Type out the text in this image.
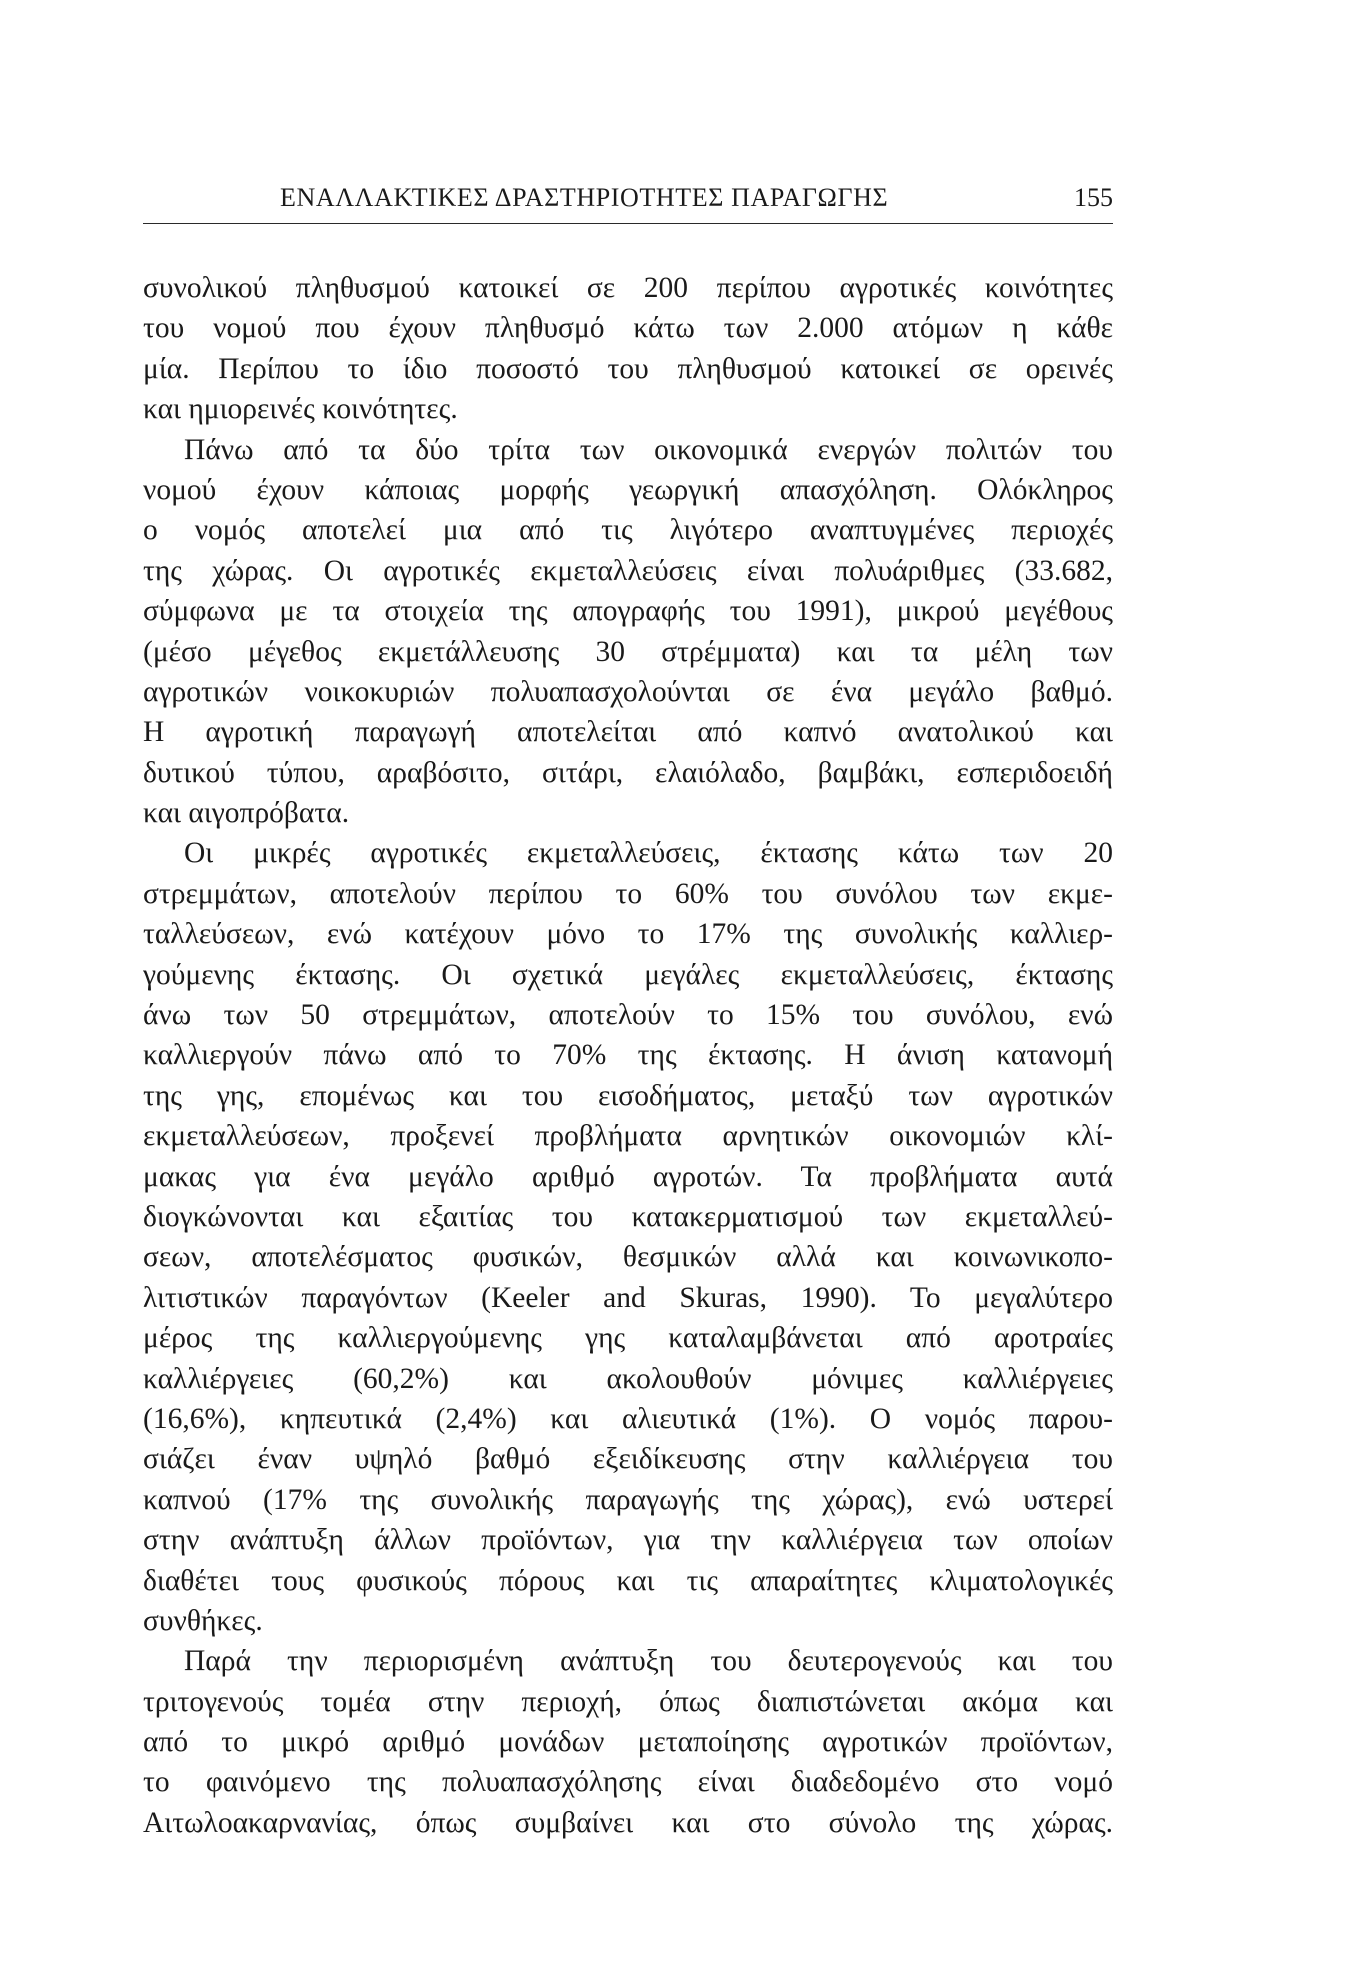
ΕΝΑΛΛΑΚΤΙΚΕΣ ΔΡΑΣΤΗΡΙΟΤΗΤΕΣ ΠΑΡΑΓΩΓΗΣ	155
συνολικού πληθυσμού κατοικεί σε 200 περίπου αγροτικές κοινότητες
του νομού που έχουν πληθυσμό κάτω των 2.000 ατόμων η κάθε
μία. Περίπου το ίδιο ποσοστό του πληθυσμού κατοικεί σε ορεινές
και ημιορεινές κοινότητες.
Πάνω από τα δύο τρίτα των οικονομικά ενεργών πολιτών του
νομού έχουν κάποιας μορφής γεωργική απασχόληση. Ολόκληρος
ο νομός αποτελεί μια από τις λιγότερο αναπτυγμένες περιοχές
της χώρας. Οι αγροτικές εκμεταλλεύσεις είναι πολυάριθμες (33.682,
σύμφωνα με τα στοιχεία της απογραφής του 1991), μικρού μεγέθους
(μέσο μέγεθος εκμετάλλευσης 30 στρέμματα) και τα μέλη των
αγροτικών νοικοκυριών πολυαπασχολούνται σε ένα μεγάλο βαθμό.
Η αγροτική παραγωγή αποτελείται από καπνό ανατολικού και
δυτικού τύπου, αραβόσιτο, σιτάρι, ελαιόλαδο, βαμβάκι, εσπεριδοειδή
και αιγοπρόβατα.
Οι μικρές αγροτικές εκμεταλλεύσεις, έκτασης κάτω των 20
στρεμμάτων, αποτελούν περίπου το 60% του συνόλου των εκμε-
ταλλεύσεων, ενώ κατέχουν μόνο το 17% της συνολικής καλλιερ-
γούμενης έκτασης. Οι σχετικά μεγάλες εκμεταλλεύσεις, έκτασης
άνω των 50 στρεμμάτων, αποτελούν το 15% του συνόλου, ενώ
καλλιεργούν πάνω από το 70% της έκτασης. Η άνιση κατανομή
της γης, επομένως και του εισοδήματος, μεταξύ των αγροτικών
εκμεταλλεύσεων, προξενεί προβλήματα αρνητικών οικονομιών κλί-
μακας για ένα μεγάλο αριθμό αγροτών. Τα προβλήματα αυτά
διογκώνονται και εξαιτίας του κατακερματισμού των εκμεταλλεύ-
σεων, αποτελέσματος φυσικών, θεσμικών αλλά και κοινωνικοπο-
λιτιστικών παραγόντων (Keeler and Skuras, 1990). Το μεγαλύτερο
μέρος της καλλιεργούμενης γης καταλαμβάνεται από αροτραίες
καλλιέργειες (60,2%) και ακολουθούν μόνιμες καλλιέργειες
(16,6%), κηπευτικά (2,4%) και αλιευτικά (1%). Ο νομός παρου-
σιάζει έναν υψηλό βαθμό εξειδίκευσης στην καλλιέργεια του
καπνού (17% της συνολικής παραγωγής της χώρας), ενώ υστερεί
στην ανάπτυξη άλλων προϊόντων, για την καλλιέργεια των οποίων
διαθέτει τους φυσικούς πόρους και τις απαραίτητες κλιματολογικές
συνθήκες.
Παρά την περιορισμένη ανάπτυξη του δευτερογενούς και του
τριτογενούς τομέα στην περιοχή, όπως διαπιστώνεται ακόμα και
από το μικρό αριθμό μονάδων μεταποίησης αγροτικών προϊόντων,
το φαινόμενο της πολυαπασχόλησης είναι διαδεδομένο στο νομό
Αιτωλοακαρνανίας, όπως συμβαίνει και στο σύνολο της χώρας.
